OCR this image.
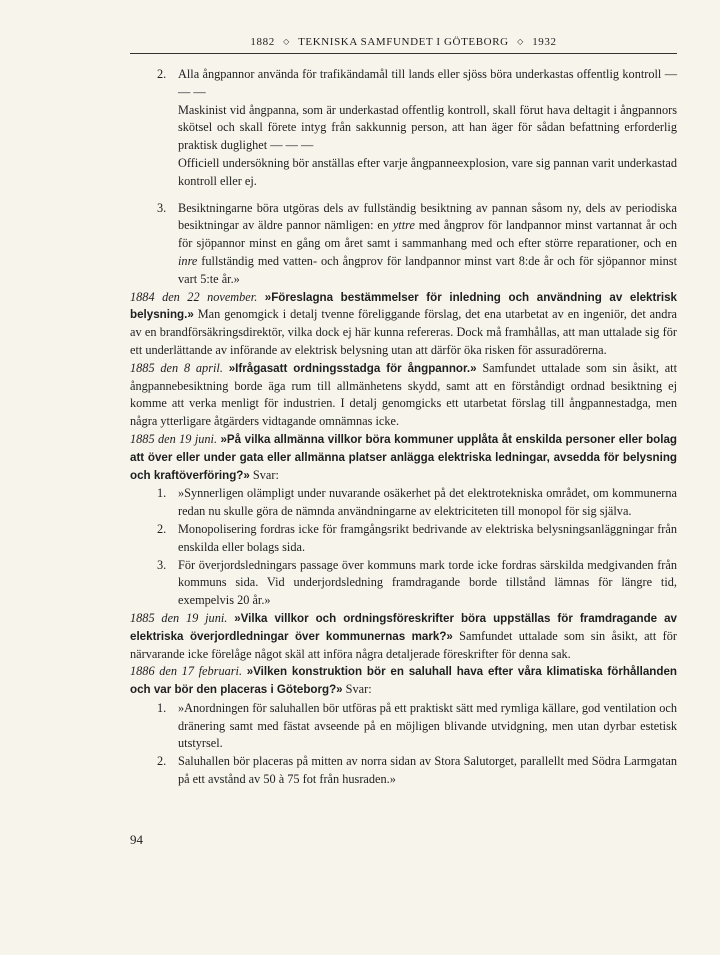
1882 ◇ TEKNISKA SAMFUNDET I GÖTEBORG ◇ 1932
2. Alla ångpannor använda för trafikändamål till lands eller sjöss böra underkastas offentlig kontroll — — —

Maskinist vid ångpanna, som är underkastad offentlig kontroll, skall förut hava deltagit i ångpannors skötsel och skall förete intyg från sakkunnig person, att han äger för sådan befattning erforderlig praktisk duglighet — — —

Officiell undersökning bör anställas efter varje ångpanneexplosion, vare sig pannan varit underkastad kontroll eller ej.

3. Besiktningarne böra utgöras dels av fullständig besiktning av pannan såsom ny, dels av periodiska besiktningar av äldre pannor nämligen: en yttre med ångprov för landpannor minst vartannat år och för sjöpannor minst en gång om året samt i sammanhang med och efter större reparationer, och en inre fullständig med vatten- och ångprov för landpannor minst vart 8:de år och för sjöpannor minst vart 5:te år.»

1884 den 22 november. »Föreslagna bestämmelser för inledning och användning av elektrisk belysning.» Man genomgick i detalj tvenne föreliggande förslag, det ena utarbetat av en ingeniör, det andra av en brandförsäkringsdirektör, vilka dock ej här kunna refereras. Dock må framhållas, att man uttalade sig för ett underlättande av införande av elektrisk belysning utan att därför öka risken för assuradörerna.

1885 den 8 april. »Ifrågasatt ordningsstadga för ångpannor.» Samfundet uttalade som sin åsikt, att ångpannebesiktning borde äga rum till allmänhetens skydd, samt att en förståndigt ordnad besiktning ej komme att verka menligt för industrien. I detalj genomgicks ett utarbetat förslag till ångpannestadga, men några ytterligare åtgärders vidtagande omnämnas icke.

1885 den 19 juni. »På vilka allmänna villkor böra kommuner upplåta åt enskilda personer eller bolag att över eller under gata eller allmänna platser anlägga elektriska ledningar, avsedda för belysning och kraftöverföring?» Svar:

1. »Synnerligen olämpligt under nuvarande osäkerhet på det elektrotekniska området, om kommunerna redan nu skulle göra de nämnda användningarne av elektriciteten till monopol för sig själva.

2. Monopolisering fordras icke för framgångsrikt bedrivande av elektriska belysningsanläggningar från enskilda eller bolags sida.

3. För överjordsledningars passage över kommuns mark torde icke fordras särskilda medgivanden från kommuns sida. Vid underjordsledning framdragande borde tillstånd lämnas för längre tid, exempelvis 20 år.»

1885 den 19 juni. »Vilka villkor och ordningsföreskrifter böra uppställas för framdragande av elektriska överjordledningar över kommunernas mark?» Samfundet uttalade som sin åsikt, att för närvarande icke förelåge något skäl att införa några detaljerade föreskrifter för denna sak.

1886 den 17 februari. »Vilken konstruktion bör en saluhall hava efter våra klimatiska förhållanden och var bör den placeras i Göteborg?» Svar:

1. »Anordningen för saluhallen bör utföras på ett praktiskt sätt med rymliga källare, god ventilation och dränering samt med fästat avseende på en möjligen blivande utvidgning, men utan dyrbar estetisk utstyrsel.

2. Saluhallen bör placeras på mitten av norra sidan av Stora Salutorget, parallellt med Södra Larmgatan på ett avstånd av 50 à 75 fot från husraden.»

94
